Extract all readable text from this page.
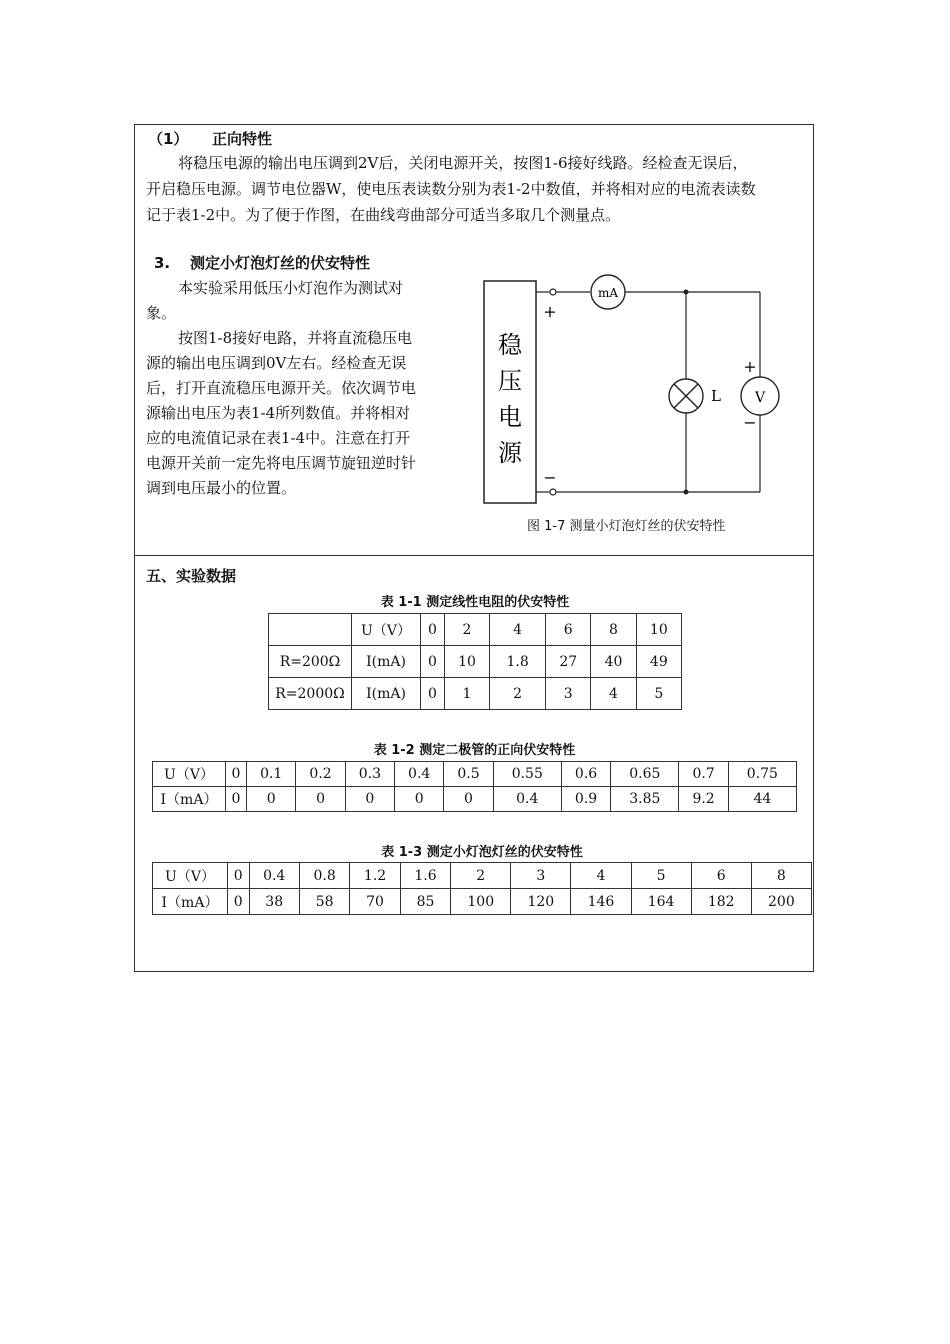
（1） 正向特性
将稳压电源的输出电压调到2V后，关闭电源开关，按图1-6接好线路。经检查无误后，
开启稳压电源。调节电位器W，使电压表读数分别为表1-2中数值，并将相对应的电流表读数
记于表1-2中。为了便于作图，在曲线弯曲部分可适当多取几个测量点。
3. 测定小灯泡灯丝的伏安特性
本实验采用低压小灯泡作为测试对
象。
按图1-8接好电路，并将直流稳压电
源的输出电压调到0V左右。经检查无误
后，打开直流稳压电源开关。依次调节电
源输出电压为表1-4所列数值。并将相对
应的电流值记录在表1-4中。注意在打开
电源开关前一定先将电压调节旋钮逆时针
调到电压最小的位置。
稳
压
电
源
mA
V
L
+
−
+
−
图 1-7 测量小灯泡灯丝的伏安特性
五、实验数据
表 1-1 测定线性电阻的伏安特性
	U（V）	0	2	4	6	8	10
R=200Ω	I(mA)	0	10	1.8	27	40	49
R=2000Ω	I(mA)	0	1	2	3	4	5
表 1-2 测定二极管的正向伏安特性
U（V）	0	0.1	0.2	0.3	0.4	0.5	0.55	0.6	0.65	0.7	0.75
I（mA）	0	0	0	0	0	0	0.4	0.9	3.85	9.2	44
表 1-3 测定小灯泡灯丝的伏安特性
U（V）	0	0.4	0.8	1.2	1.6	2	3	4	5	6	8
I（mA）	0	38	58	70	85	100	120	146	164	182	200
